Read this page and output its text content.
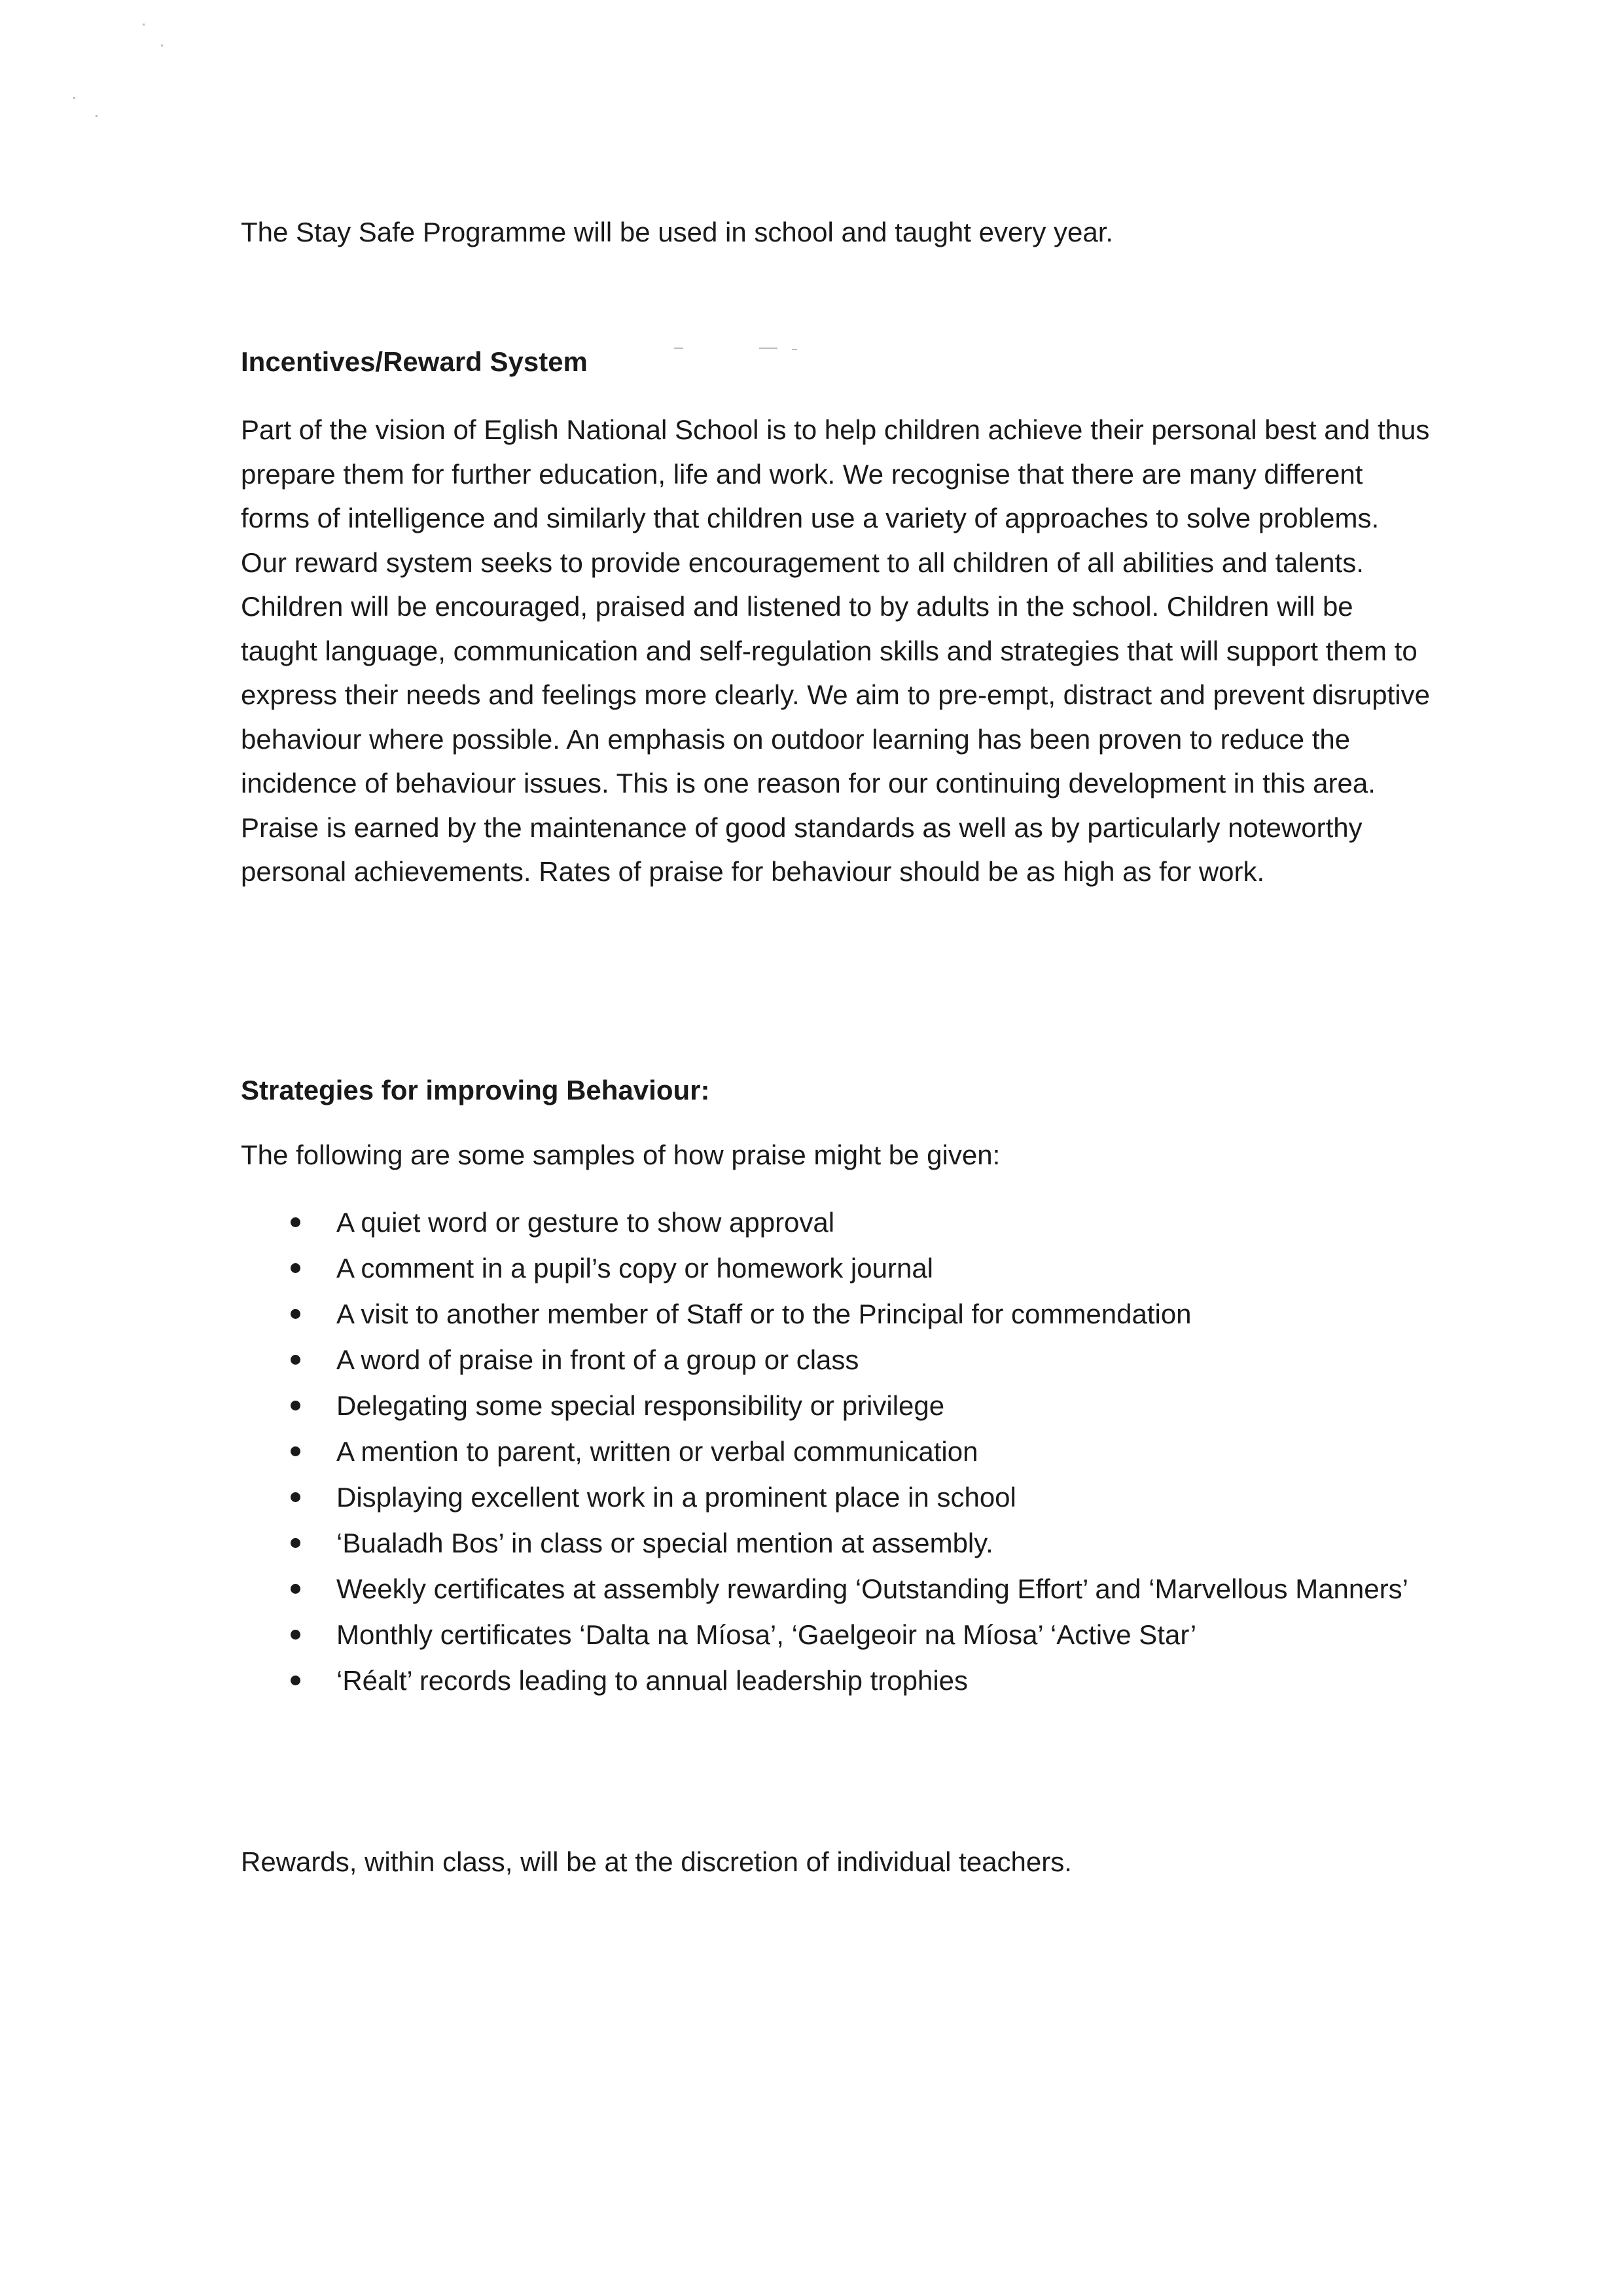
The Stay Safe Programme will be used in school and taught every year.

Incentives/Reward System

Part of the vision of Eglish National School is to help children achieve their personal best and thus prepare them for further education, life and work. We recognise that there are many different forms of intelligence and similarly that children use a variety of approaches to solve problems. Our reward system seeks to provide encouragement to all children of all abilities and talents. Children will be encouraged, praised and listened to by adults in the school. Children will be taught language, communication and self-regulation skills and strategies that will support them to express their needs and feelings more clearly. We aim to pre-empt, distract and prevent disruptive behaviour where possible. An emphasis on outdoor learning has been proven to reduce the incidence of behaviour issues. This is one reason for our continuing development in this area. Praise is earned by the maintenance of good standards as well as by particularly noteworthy personal achievements. Rates of praise for behaviour should be as high as for work.

Strategies for improving Behaviour:

The following are some samples of how praise might be given:

A quiet word or gesture to show approval
A comment in a pupil’s copy or homework journal
A visit to another member of Staff or to the Principal for commendation
A word of praise in front of a group or class
Delegating some special responsibility or privilege
A mention to parent, written or verbal communication
Displaying excellent work in a prominent place in school
‘Bualadh Bos’ in class or special mention at assembly.
Weekly certificates at assembly rewarding ‘Outstanding Effort’ and ‘Marvellous Manners’
Monthly certificates ‘Dalta na Míosa’, ‘Gaelgeoir na Míosa’ ‘Active Star’
‘Réalt’ records leading to annual leadership trophies

Rewards, within class, will be at the discretion of individual teachers.
